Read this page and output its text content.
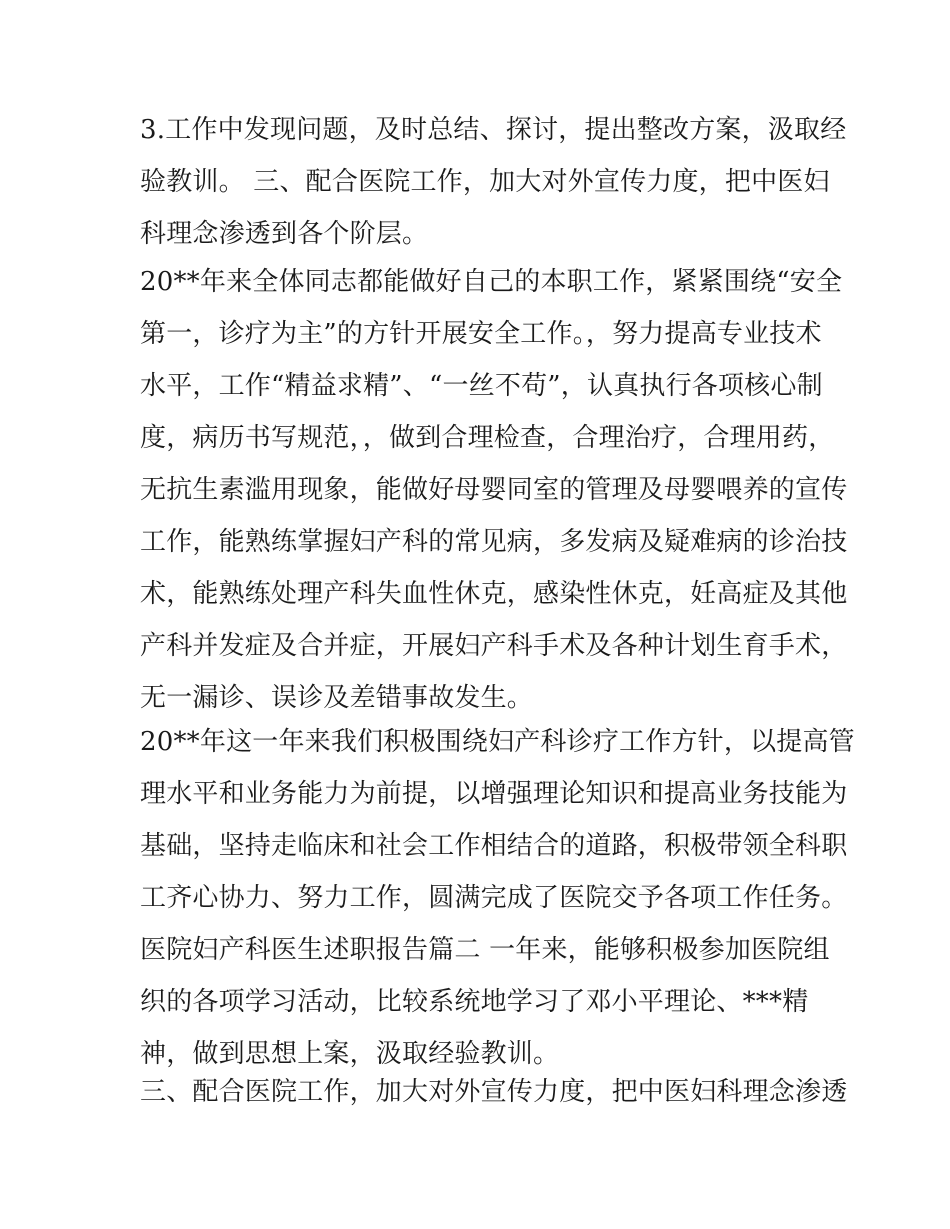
3.工作中发现问题，及时总结、探讨，提出整改方案，汲取经
验教训。 三、配合医院工作，加大对外宣传力度，把中医妇
科理念渗透到各个阶层。
20**年来全体同志都能做好自己的本职工作，紧紧围绕“安全
第一，诊疗为主”的方针开展安全工作。，努力提高专业技术
水平，工作“精益求精”、“一丝不苟”，认真执行各项核心制
度，病历书写规范，，做到合理检查，合理治疗，合理用药，
无抗生素滥用现象，能做好母婴同室的管理及母婴喂养的宣传
工作，能熟练掌握妇产科的常见病，多发病及疑难病的诊治技
术，能熟练处理产科失血性休克，感染性休克，妊高症及其他
产科并发症及合并症，开展妇产科手术及各种计划生育手术，
无一漏诊、误诊及差错事故发生。
20**年这一年来我们积极围绕妇产科诊疗工作方针，以提高管
理水平和业务能力为前提，以增强理论知识和提高业务技能为
基础，坚持走临床和社会工作相结合的道路，积极带领全科职
工齐心协力、努力工作，圆满完成了医院交予各项工作任务。
医院妇产科医生述职报告篇二 一年来，能够积极参加医院组
织的各项学习活动，比较系统地学习了邓小平理论、***精
神，做到思想上案，汲取经验教训。
三、配合医院工作，加大对外宣传力度，把中医妇科理念渗透
